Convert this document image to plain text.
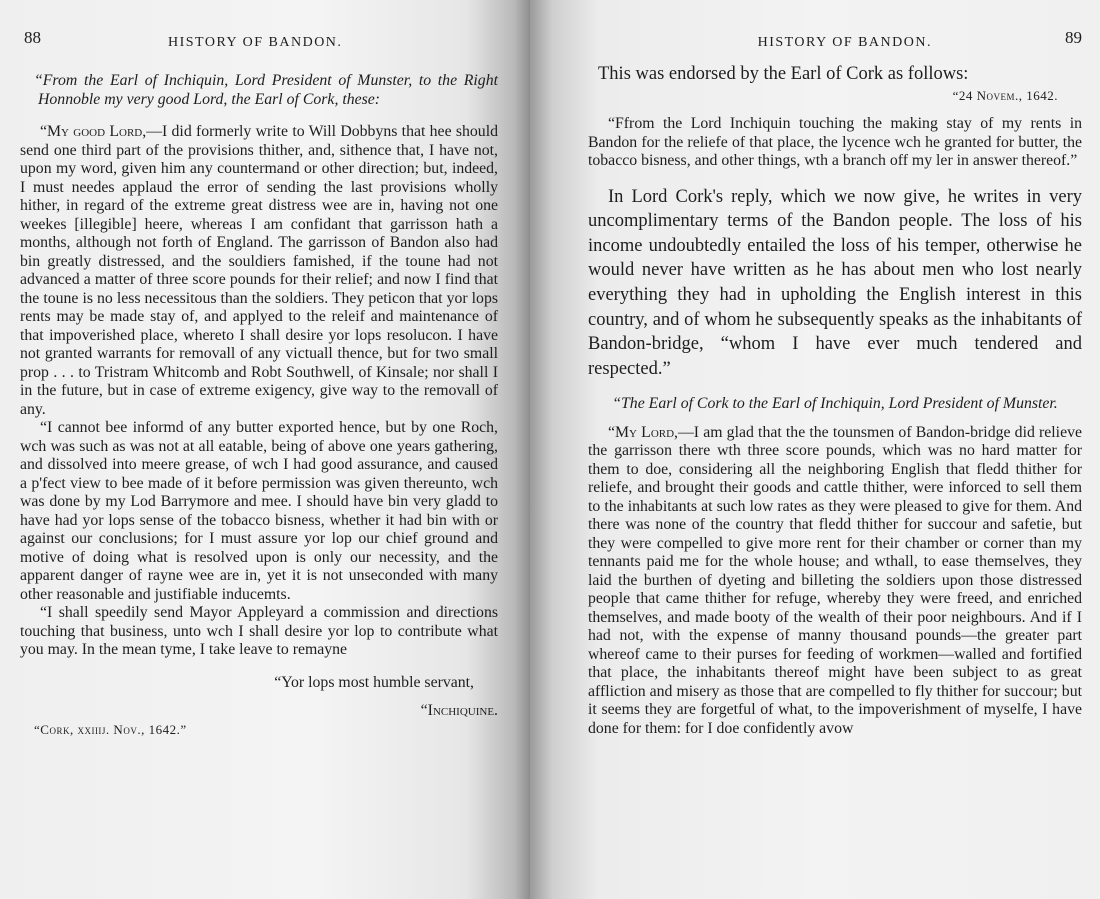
88	HISTORY OF BANDON.

“From the Earl of Inchiquin, Lord President of Munster, to the Right Honnoble my very good Lord, the Earl of Cork, these:

“My good Lord,—I did formerly write to Will Dobbyns that hee should send one third part of the provisions thither, and, sithence that, I have not, upon my word, given him any countermand or other direction; but, indeed, I must needes applaud the error of sending the last provisions wholly hither, in regard of the extreme great distress wee are in, having not one weekes [illegible] heere, whereas I am confidant that garrisson hath a months, although not forth of England. The garrisson of Bandon also had bin greatly distressed, and the souldiers famished, if the toune had not advanced a matter of three score pounds for their relief; and now I find that the toune is no less necessitous than the soldiers. They peticon that yor lops rents may be made stay of, and applyed to the releif and maintenance of that impoverished place, whereto I shall desire yor lops resolucon. I have not granted warrants for removall of any victuall thence, but for two small prop . . . to Tristram Whitcomb and Robt Southwell, of Kinsale; nor shall I in the future, but in case of extreme exigency, give way to the removall of any.

“I cannot bee informd of any butter exported hence, but by one Roch, wch was such as was not at all eatable, being of above one years gathering, and dissolved into meere grease, of wch I had good assurance, and caused a p'fect view to bee made of it before permission was given thereunto, wch was done by my Lod Barrymore and mee. I should have bin very gladd to have had yor lops sense of the tobacco bisness, whether it had bin with or against our conclusions; for I must assure yor lop our chief ground and motive of doing what is resolved upon is only our necessity, and the apparent danger of rayne wee are in, yet it is not unseconded with many other reasonable and justifiable inducemts.

“I shall speedily send Mayor Appleyard a commission and directions touching that business, unto wch I shall desire yor lop to contribute what you may. In the mean tyme, I take leave to remayne

“Yor lops most humble servant,

“Inchiquine.

“Cork, xxiiij. Nov., 1642.”

HISTORY OF BANDON.	89

This was endorsed by the Earl of Cork as follows:

“24 Novem., 1642.

“Ffrom the Lord Inchiquin touching the making stay of my rents in Bandon for the reliefe of that place, the lycence wch he granted for butter, the tobacco bisness, and other things, wth a branch off my ler in answer thereof.”

In Lord Cork's reply, which we now give, he writes in very uncomplimentary terms of the Bandon people. The loss of his income undoubtedly entailed the loss of his temper, otherwise he would never have written as he has about men who lost nearly everything they had in upholding the English interest in this country, and of whom he subsequently speaks as the inhabitants of Bandon-bridge, “whom I have ever much tendered and respected.”

“The Earl of Cork to the Earl of Inchiquin, Lord President of Munster.

“My Lord,—I am glad that the the tounsmen of Bandon-bridge did relieve the garrisson there wth three score pounds, which was no hard matter for them to doe, considering all the neighboring English that fledd thither for reliefe, and brought their goods and cattle thither, were inforced to sell them to the inhabitants at such low rates as they were pleased to give for them. And there was none of the country that fledd thither for succour and safetie, but they were compelled to give more rent for their chamber or corner than my tennants paid me for the whole house; and wthall, to ease themselves, they laid the burthen of dyeting and billeting the soldiers upon those distressed people that came thither for refuge, whereby they were freed, and enriched themselves, and made booty of the wealth of their poor neighbours. And if I had not, with the expense of manny thousand pounds—the greater part whereof came to their purses for feeding of workmen—walled and fortified that place, the inhabitants thereof might have been subject to as great affliction and misery as those that are compelled to fly thither for succour; but it seems they are forgetful of what, to the impoverishment of myselfe, I have done for them: for I doe confidently avow
